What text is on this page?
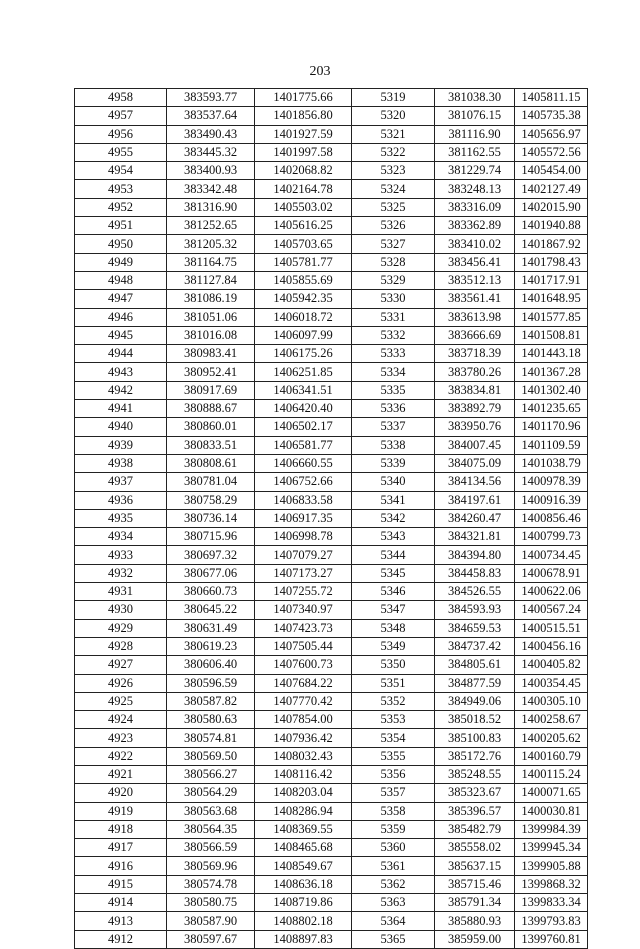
203
4958	383593.77	1401775.66	5319	381038.30	1405811.15
4957	383537.64	1401856.80	5320	381076.15	1405735.38
4956	383490.43	1401927.59	5321	381116.90	1405656.97
4955	383445.32	1401997.58	5322	381162.55	1405572.56
4954	383400.93	1402068.82	5323	381229.74	1405454.00
4953	383342.48	1402164.78	5324	383248.13	1402127.49
4952	381316.90	1405503.02	5325	383316.09	1402015.90
4951	381252.65	1405616.25	5326	383362.89	1401940.88
4950	381205.32	1405703.65	5327	383410.02	1401867.92
4949	381164.75	1405781.77	5328	383456.41	1401798.43
4948	381127.84	1405855.69	5329	383512.13	1401717.91
4947	381086.19	1405942.35	5330	383561.41	1401648.95
4946	381051.06	1406018.72	5331	383613.98	1401577.85
4945	381016.08	1406097.99	5332	383666.69	1401508.81
4944	380983.41	1406175.26	5333	383718.39	1401443.18
4943	380952.41	1406251.85	5334	383780.26	1401367.28
4942	380917.69	1406341.51	5335	383834.81	1401302.40
4941	380888.67	1406420.40	5336	383892.79	1401235.65
4940	380860.01	1406502.17	5337	383950.76	1401170.96
4939	380833.51	1406581.77	5338	384007.45	1401109.59
4938	380808.61	1406660.55	5339	384075.09	1401038.79
4937	380781.04	1406752.66	5340	384134.56	1400978.39
4936	380758.29	1406833.58	5341	384197.61	1400916.39
4935	380736.14	1406917.35	5342	384260.47	1400856.46
4934	380715.96	1406998.78	5343	384321.81	1400799.73
4933	380697.32	1407079.27	5344	384394.80	1400734.45
4932	380677.06	1407173.27	5345	384458.83	1400678.91
4931	380660.73	1407255.72	5346	384526.55	1400622.06
4930	380645.22	1407340.97	5347	384593.93	1400567.24
4929	380631.49	1407423.73	5348	384659.53	1400515.51
4928	380619.23	1407505.44	5349	384737.42	1400456.16
4927	380606.40	1407600.73	5350	384805.61	1400405.82
4926	380596.59	1407684.22	5351	384877.59	1400354.45
4925	380587.82	1407770.42	5352	384949.06	1400305.10
4924	380580.63	1407854.00	5353	385018.52	1400258.67
4923	380574.81	1407936.42	5354	385100.83	1400205.62
4922	380569.50	1408032.43	5355	385172.76	1400160.79
4921	380566.27	1408116.42	5356	385248.55	1400115.24
4920	380564.29	1408203.04	5357	385323.67	1400071.65
4919	380563.68	1408286.94	5358	385396.57	1400030.81
4918	380564.35	1408369.55	5359	385482.79	1399984.39
4917	380566.59	1408465.68	5360	385558.02	1399945.34
4916	380569.96	1408549.67	5361	385637.15	1399905.88
4915	380574.78	1408636.18	5362	385715.46	1399868.32
4914	380580.75	1408719.86	5363	385791.34	1399833.34
4913	380587.90	1408802.18	5364	385880.93	1399793.83
4912	380597.67	1408897.83	5365	385959.00	1399760.81
